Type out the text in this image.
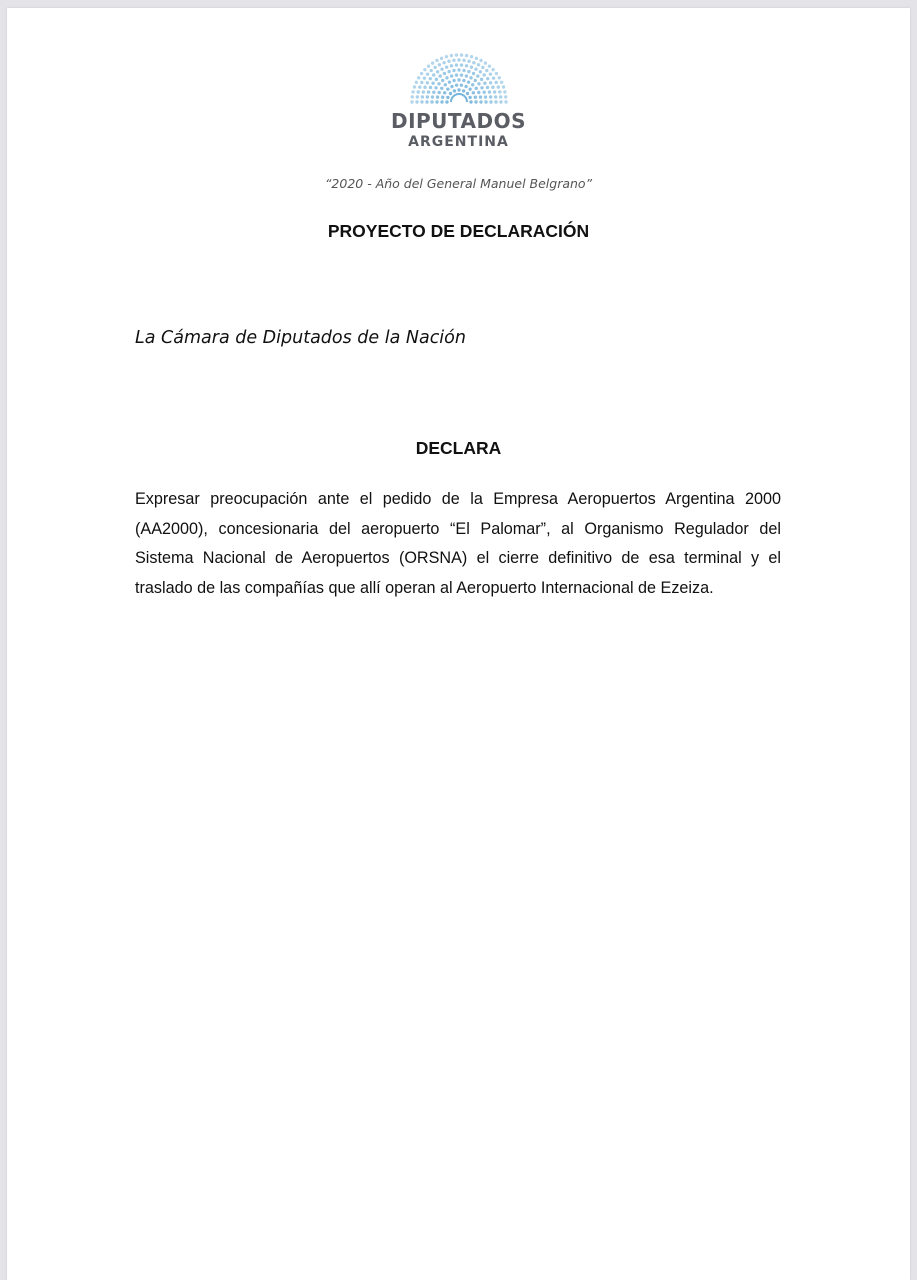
DIPUTADOS
ARGENTINA
“2020 - Año del General Manuel Belgrano”
PROYECTO DE DECLARACIÓN
La Cámara de Diputados de la Nación
DECLARA
Expresar preocupación ante el pedido de la Empresa Aeropuertos Argentina 2000 (AA2000), concesionaria del aeropuerto “El Palomar”, al Organismo Regulador del Sistema Nacional de Aeropuertos (ORSNA) el cierre definitivo de esa terminal y el traslado de las compañías que allí operan al Aeropuerto Internacional de Ezeiza.
